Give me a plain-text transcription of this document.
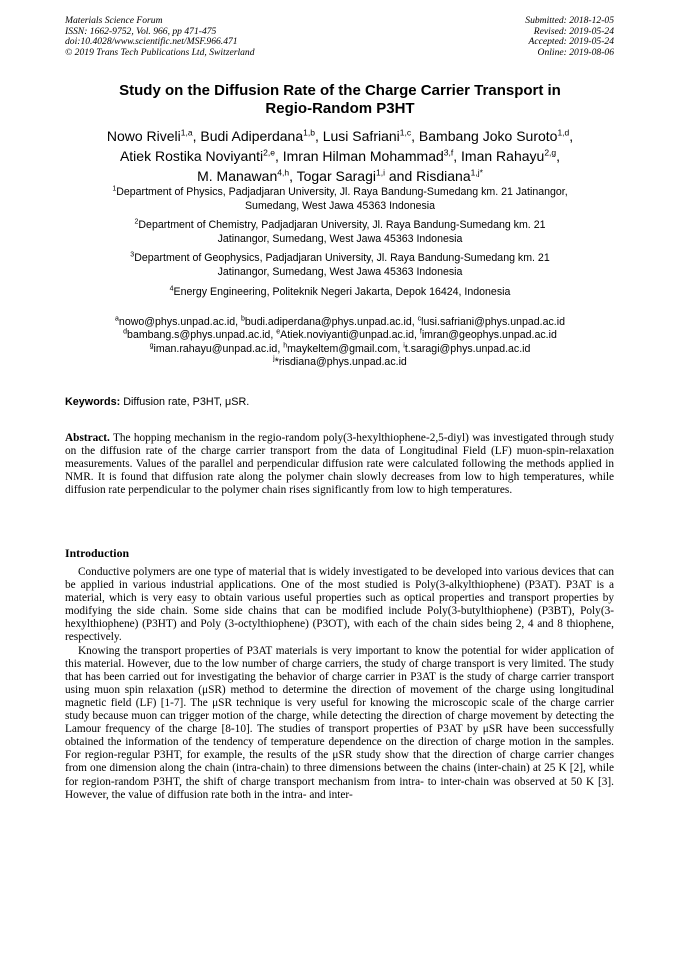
Materials Science Forum
ISSN: 1662-9752, Vol. 966, pp 471-475
doi:10.4028/www.scientific.net/MSF.966.471
© 2019 Trans Tech Publications Ltd, Switzerland
Submitted: 2018-12-05
Revised: 2019-05-24
Accepted: 2019-05-24
Online: 2019-08-06
Study on the Diffusion Rate of the Charge Carrier Transport in
Regio-Random P3HT
Nowo Riveli$^{1,a}$, Budi Adiperdana$^{1,b}$, Lusi Safriani$^{1,c}$, Bambang Joko Suroto$^{1,d}$,
Atiek Rostika Noviyanti$^{2,e}$, Imran Hilman Mohammad$^{3,f}$, Iman Rahayu$^{2,g}$,
M. Manawan$^{4,h}$, Togar Saragi$^{1,i}$ and Risdiana$^{1,j*}$
$^1$Department of Physics, Padjadjaran University, Jl. Raya Bandung-Sumedang km. 21 Jatinangor,
Sumedang, West Jawa 45363 Indonesia
$^2$Department of Chemistry, Padjadjaran University, Jl. Raya Bandung-Sumedang km. 21
Jatinangor, Sumedang, West Jawa 45363 Indonesia
$^3$Department of Geophysics, Padjadjaran University, Jl. Raya Bandung-Sumedang km. 21
Jatinangor, Sumedang, West Jawa 45363 Indonesia
$^4$Energy Engineering, Politeknik Negeri Jakarta, Depok 16424, Indonesia
$^a$nowo@phys.unpad.ac.id, $^b$budi.adiperdana@phys.unpad.ac.id, $^c$lusi.safriani@phys.unpad.ac.id
$^d$bambang.s@phys.unpad.ac.id, $^e$Atiek.noviyanti@unpad.ac.id, $^f$imran@geophys.unpad.ac.id
$^g$iman.rahayu@unpad.ac.id, $^h$maykeltem@gmail.com, $^i$t.saragi@phys.unpad.ac.id
$^j$*risdiana@phys.unpad.ac.id
Keywords: Diffusion rate, P3HT, μSR.
Abstract. The hopping mechanism in the regio-random poly(3-hexylthiophene-2,5-diyl) was investigated through study on the diffusion rate of the charge carrier transport from the data of Longitudinal Field (LF) muon-spin-relaxation measurements. Values of the parallel and perpendicular diffusion rate were calculated following the methods applied in NMR. It is found that diffusion rate along the polymer chain slowly decreases from low to high temperatures, while diffusion rate perpendicular to the polymer chain rises significantly from low to high temperatures.
Introduction

Conductive polymers are one type of material that is widely investigated to be developed into various devices that can be applied in various industrial applications. One of the most studied is Poly(3-alkylthiophene) (P3AT). P3AT is a material, which is very easy to obtain various useful properties such as optical properties and transport properties by modifying the side chain. Some side chains that can be modified include Poly(3-butylthiophene) (P3BT), Poly(3-hexylthiophene) (P3HT) and Poly (3-octylthiophene) (P3OT), with each of the chain sides being 2, 4 and 8 thiophene, respectively.

Knowing the transport properties of P3AT materials is very important to know the potential for wider application of this material. However, due to the low number of charge carriers, the study of charge transport is very limited. The study that has been carried out for investigating the behavior of charge carrier in P3AT is the study of charge carrier transport using muon spin relaxation (μSR) method to determine the direction of movement of the charge using longitudinal magnetic field (LF) [1-7]. The μSR technique is very useful for knowing the microscopic scale of the charge carrier study because muon can trigger motion of the charge, while detecting the direction of charge movement by detecting the Lamour frequency of the charge [8-10]. The studies of transport properties of P3AT by μSR have been successfully obtained the information of the tendency of temperature dependence on the direction of charge motion in the samples. For region-regular P3HT, for example, the results of the μSR study show that the direction of charge carrier changes from one dimension along the chain (intra-chain) to three dimensions between the chains (inter-chain) at 25 K [2], while for region-random P3HT, the shift of charge transport mechanism from intra- to inter-chain was observed at 50 K [3]. However, the value of diffusion rate both in the intra- and inter-
